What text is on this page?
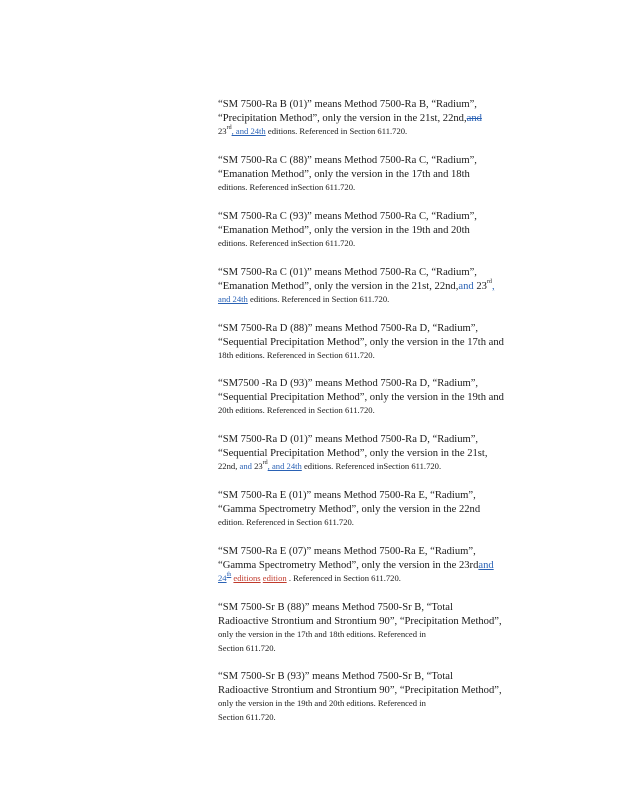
“SM 7500-Ra B (01)” means Method 7500-Ra B, “Radium”,
“Precipitation Method”, only the version in the 21st, 22nd,and
23rd, and 24th editions. Referenced in Section 611.720.
“SM 7500-Ra C (88)” means Method 7500-Ra C, “Radium”,
“Emanation Method”, only the version in the 17th and 18th
editions. Referenced inSection 611.720.
“SM 7500-Ra C (93)” means Method 7500-Ra C, “Radium”,
“Emanation Method”, only the version in the 19th and 20th
editions. Referenced inSection 611.720.
“SM 7500-Ra C (01)” means Method 7500-Ra C, “Radium”,
“Emanation Method”, only the version in the 21st, 22nd,and 23rd,
and 24th editions. Referenced in Section 611.720.
“SM 7500-Ra D (88)” means Method 7500-Ra D, “Radium”,
“Sequential Precipitation Method”, only the version in the 17th and
18th editions. Referenced in Section 611.720.
“SM7500 -Ra D (93)” means Method 7500-Ra D, “Radium”,
“Sequential Precipitation Method”, only the version in the 19th and
20th editions. Referenced in Section 611.720.
“SM 7500-Ra D (01)” means Method 7500-Ra D, “Radium”,
“Sequential Precipitation Method”, only the version in the 21st,
22nd, and 23rd, and 24th editions. Referenced inSection 611.720.
“SM 7500-Ra E (01)” means Method 7500-Ra E, “Radium”,
“Gamma Spectrometry Method”, only the version in the 22nd
edition. Referenced in Section 611.720.
“SM 7500-Ra E (07)” means Method 7500-Ra E, “Radium”,
“Gamma Spectrometry Method”, only the version in the 23rdand
24th editions edition . Referenced in Section 611.720.
“SM 7500-Sr B (88)” means Method 7500-Sr B, “Total
Radioactive Strontium and Strontium 90”, “Precipitation Method”,
only the version in the 17th and 18th editions. Referenced in
Section 611.720.
“SM 7500-Sr B (93)” means Method 7500-Sr B, “Total
Radioactive Strontium and Strontium 90”, “Precipitation Method”,
only the version in the 19th and 20th editions. Referenced in
Section 611.720.
